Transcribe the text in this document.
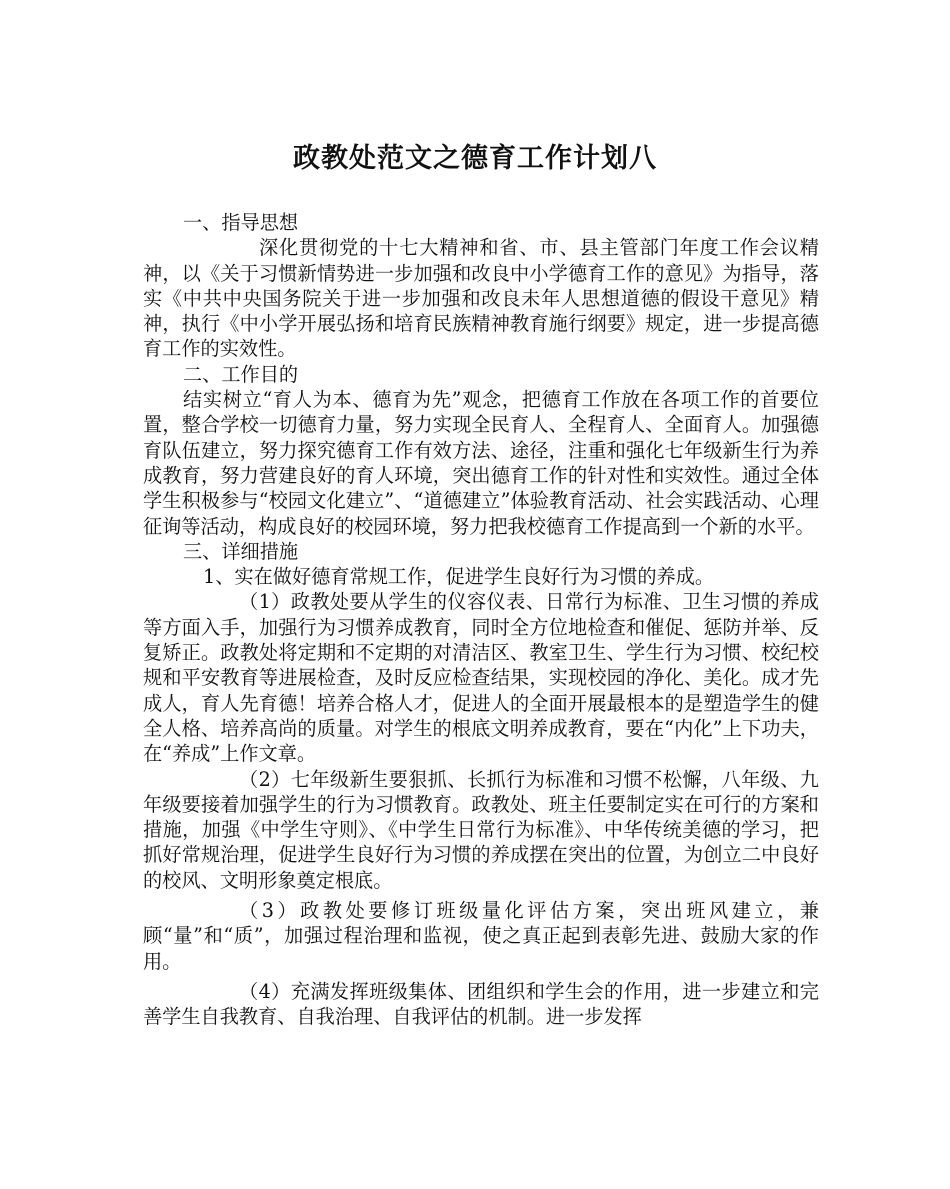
政教处范文之德育工作计划八

一、指导思想

深化贯彻党的十七大精神和省、市、县主管部门年度工作会议精神，以《关于习惯新情势进一步加强和改良中小学德育工作的意见》为指导，落实《中共中央国务院关于进一步加强和改良未年人思想道德的假设干意见》精神，执行《中小学开展弘扬和培育民族精神教育施行纲要》规定，进一步提高德育工作的实效性。

二、工作目的

结实树立“育人为本、德育为先”观念，把德育工作放在各项工作的首要位置，整合学校一切德育力量，努力实现全民育人、全程育人、全面育人。加强德育队伍建立，努力探究德育工作有效方法、途径，注重和强化七年级新生行为养成教育，努力营建良好的育人环境，突出德育工作的针对性和实效性。通过全体学生积极参与“校园文化建立”、“道德建立”体验教育活动、社会实践活动、心理征询等活动，构成良好的校园环境，努力把我校德育工作提高到一个新的水平。

三、详细措施

1、实在做好德育常规工作，促进学生良好行为习惯的养成。

（1）政教处要从学生的仪容仪表、日常行为标准、卫生习惯的养成等方面入手，加强行为习惯养成教育，同时全方位地检查和催促、惩防并举、反复矫正。政教处将定期和不定期的对清洁区、教室卫生、学生行为习惯、校纪校规和平安教育等进展检查，及时反应检查结果，实现校园的净化、美化。成才先成人，育人先育德！培养合格人才，促进人的全面开展最根本的是塑造学生的健全人格、培养高尚的质量。对学生的根底文明养成教育，要在“内化”上下功夫，在“养成”上作文章。

（2）七年级新生要狠抓、长抓行为标准和习惯不松懈，八年级、九年级要接着加强学生的行为习惯教育。政教处、班主任要制定实在可行的方案和措施，加强《中学生守则》、《中学生日常行为标准》、中华传统美德的学习，把抓好常规治理，促进学生良好行为习惯的养成摆在突出的位置，为创立二中良好的校风、文明形象奠定根底。

（3）政教处要修订班级量化评估方案，突出班风建立，兼顾“量”和“质”，加强过程治理和监视，使之真正起到表彰先进、鼓励大家的作用。

（4）充满发挥班级集体、团组织和学生会的作用，进一步建立和完善学生自我教育、自我治理、自我评估的机制。进一步发挥
